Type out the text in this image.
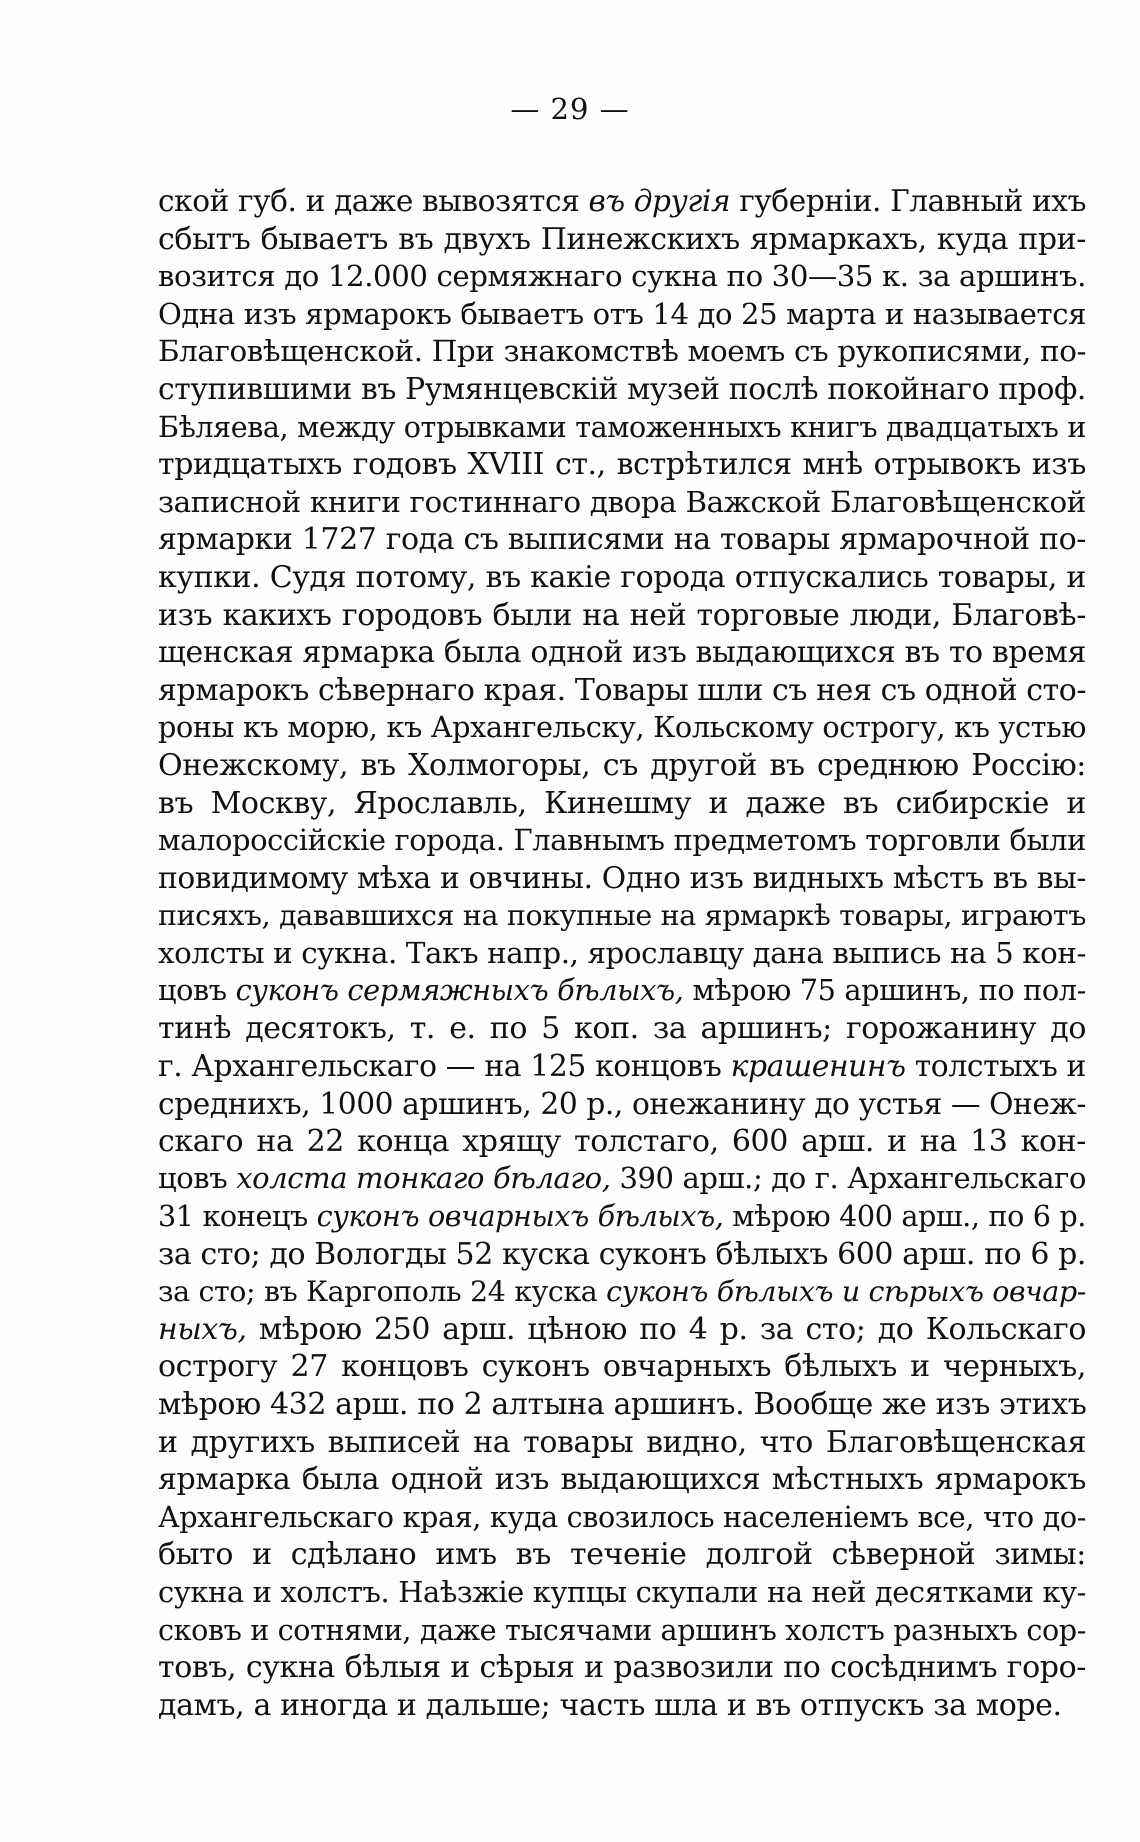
— 29 —
ской губ. и даже вывозятся въ другія губерніи. Главный ихъ
сбытъ бываетъ въ двухъ Пинежскихъ ярмаркахъ, куда при-
возится до 12.000 сермяжнаго сукна по 30—35 к. за аршинъ.
Одна изъ ярмарокъ бываетъ отъ 14 до 25 марта и называется
Благовѣщенской. При знакомствѣ моемъ съ рукописями, по-
ступившими въ Румянцевскій музей послѣ покойнаго проф.
Бѣляева, между отрывками таможенныхъ книгъ двадцатыхъ и
тридцатыхъ годовъ XVIII ст., встрѣтился мнѣ отрывокъ изъ
записной книги гостиннаго двора Важской Благовѣщенской
ярмарки 1727 года съ выписями на товары ярмарочной по-
купки. Судя потому, въ какіе города отпускались товары, и
изъ какихъ городовъ были на ней торговые люди, Благовѣ-
щенская ярмарка была одной изъ выдающихся въ то время
ярмарокъ сѣвернаго края. Товары шли съ нея съ одной сто-
роны къ морю, къ Архангельску, Кольскому острогу, къ устью
Онежскому, въ Холмогоры, съ другой въ среднюю Россію:
въ Москву, Ярославль, Кинешму и даже въ сибирскіе и
малороссійскіе города. Главнымъ предметомъ торговли были
повидимому мѣха и овчины. Одно изъ видныхъ мѣстъ въ вы-
писяхъ, дававшихся на покупные на ярмаркѣ товары, играютъ
холсты и сукна. Такъ напр., ярославцу дана выпись на 5 кон-
цовъ суконъ сермяжныхъ бѣлыхъ, мѣрою 75 аршинъ, по пол-
тинѣ десятокъ, т. е. по 5 коп. за аршинъ; горожанину до
г. Архангельскаго — на 125 концовъ крашенинъ толстыхъ и
среднихъ, 1000 аршинъ, 20 р., онежанину до устья — Онеж-
скаго на 22 конца хрящу толстаго, 600 арш. и на 13 кон-
цовъ холста тонкаго бѣлаго, 390 арш.; до г. Архангельскаго
31 конецъ суконъ овчарныхъ бѣлыхъ, мѣрою 400 арш., по 6 р.
за сто; до Вологды 52 куска суконъ бѣлыхъ 600 арш. по 6 р.
за сто; въ Каргополь 24 куска суконъ бѣлыхъ и сѣрыхъ овчар-
ныхъ, мѣрою 250 арш. цѣною по 4 р. за сто; до Кольскаго
острогу 27 концовъ суконъ овчарныхъ бѣлыхъ и черныхъ,
мѣрою 432 арш. по 2 алтына аршинъ. Вообще же изъ этихъ
и другихъ выписей на товары видно, что Благовѣщенская
ярмарка была одной изъ выдающихся мѣстныхъ ярмарокъ
Архангельскаго края, куда свозилось населеніемъ все, что до-
быто и сдѣлано имъ въ теченіе долгой сѣверной зимы:
сукна и холстъ. Наѣзжіе купцы скупали на ней десятками ку-
сковъ и сотнями, даже тысячами аршинъ холстъ разныхъ сор-
товъ, сукна бѣлыя и сѣрыя и развозили по сосѣднимъ горо-
дамъ, а иногда и дальше; часть шла и въ отпускъ за море.
